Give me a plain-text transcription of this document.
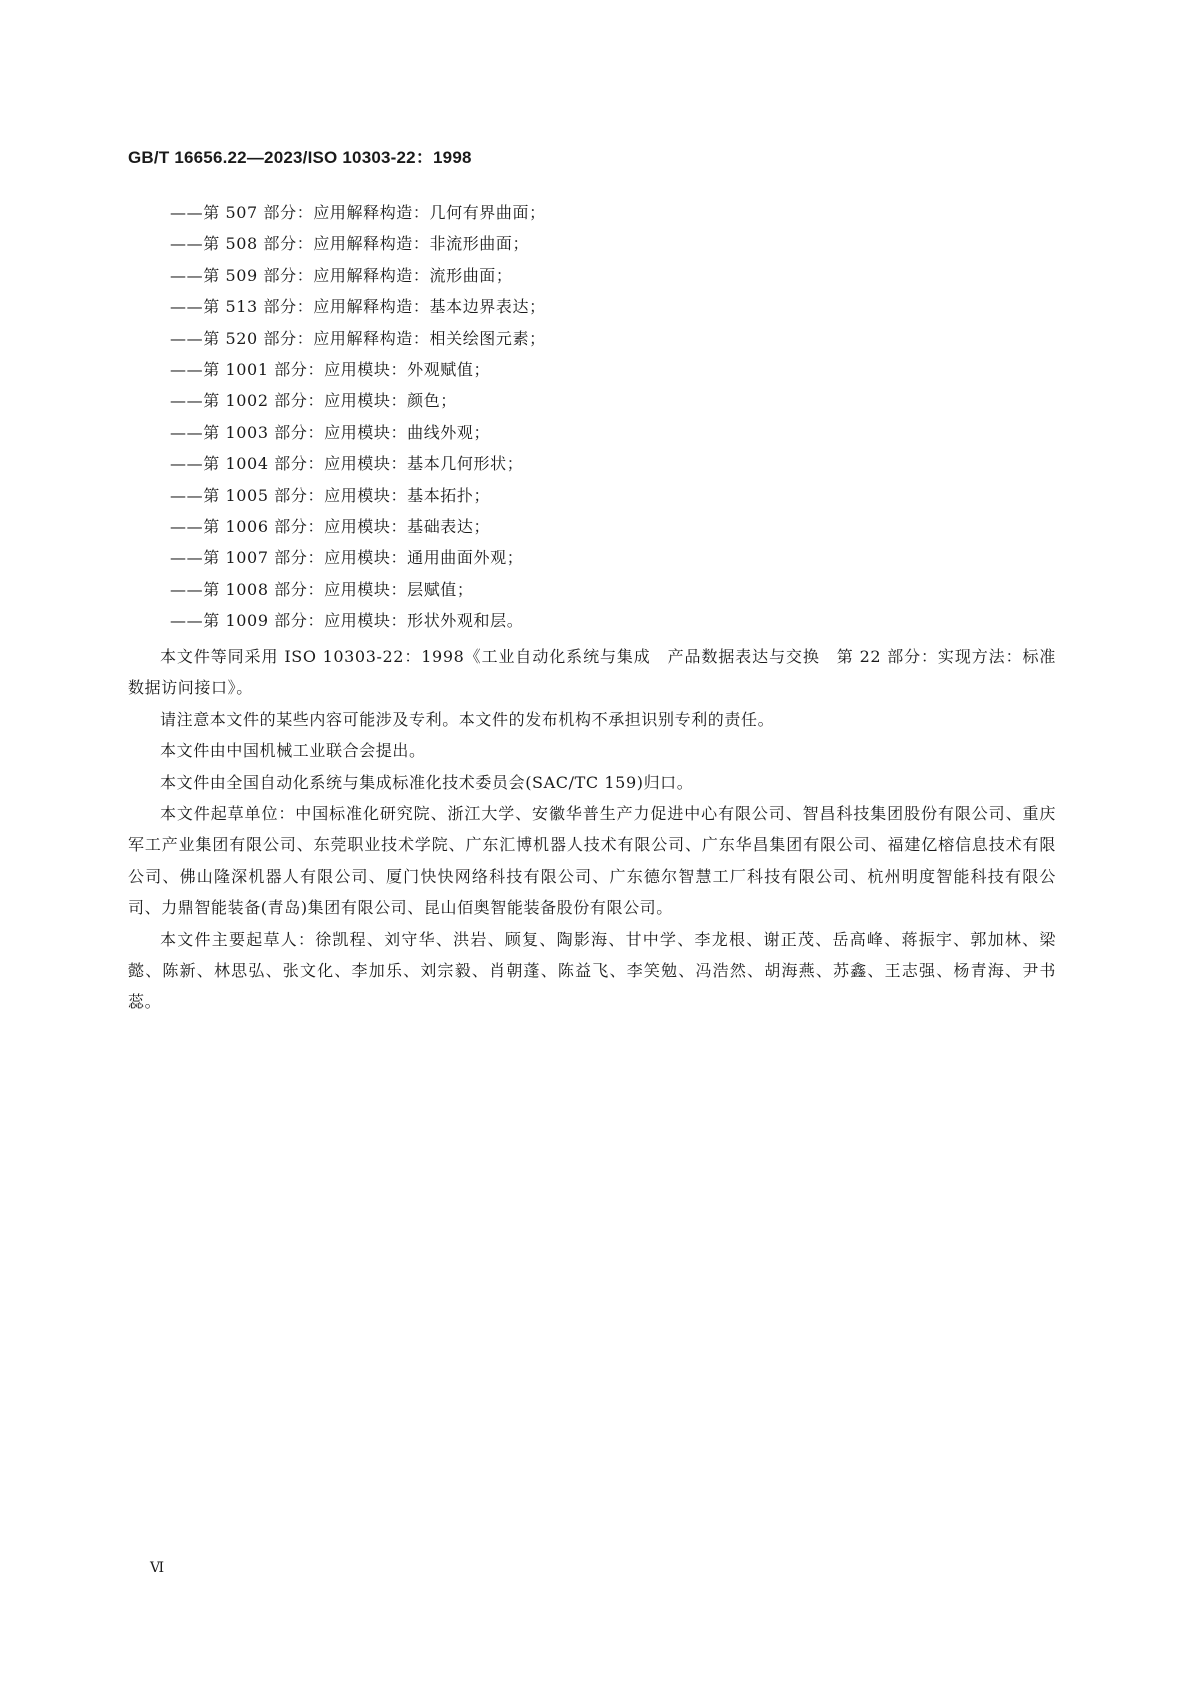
GB/T 16656.22—2023/ISO 10303-22：1998
——第 507 部分：应用解释构造：几何有界曲面；
——第 508 部分：应用解释构造：非流形曲面；
——第 509 部分：应用解释构造：流形曲面；
——第 513 部分：应用解释构造：基本边界表达；
——第 520 部分：应用解释构造：相关绘图元素；
——第 1001 部分：应用模块：外观赋值；
——第 1002 部分：应用模块：颜色；
——第 1003 部分：应用模块：曲线外观；
——第 1004 部分：应用模块：基本几何形状；
——第 1005 部分：应用模块：基本拓扑；
——第 1006 部分：应用模块：基础表达；
——第 1007 部分：应用模块：通用曲面外观；
——第 1008 部分：应用模块：层赋值；
——第 1009 部分：应用模块：形状外观和层。

本文件等同采用 ISO 10303-22：1998《工业自动化系统与集成　产品数据表达与交换　第 22 部分：实现方法：标准数据访问接口》。

请注意本文件的某些内容可能涉及专利。本文件的发布机构不承担识别专利的责任。

本文件由中国机械工业联合会提出。

本文件由全国自动化系统与集成标准化技术委员会(SAC/TC 159)归口。

本文件起草单位：中国标准化研究院、浙江大学、安徽华普生产力促进中心有限公司、智昌科技集团股份有限公司、重庆军工产业集团有限公司、东莞职业技术学院、广东汇博机器人技术有限公司、广东华昌集团有限公司、福建亿榕信息技术有限公司、佛山隆深机器人有限公司、厦门快快网络科技有限公司、广东德尔智慧工厂科技有限公司、杭州明度智能科技有限公司、力鼎智能装备(青岛)集团有限公司、昆山佰奥智能装备股份有限公司。

本文件主要起草人：徐凯程、刘守华、洪岩、顾复、陶影海、甘中学、李龙根、谢正茂、岳高峰、蒋振宇、郭加林、梁懿、陈新、林思弘、张文化、李加乐、刘宗毅、肖朝蓬、陈益飞、李笑勉、冯浩然、胡海燕、苏鑫、王志强、杨青海、尹书蕊。

Ⅵ
